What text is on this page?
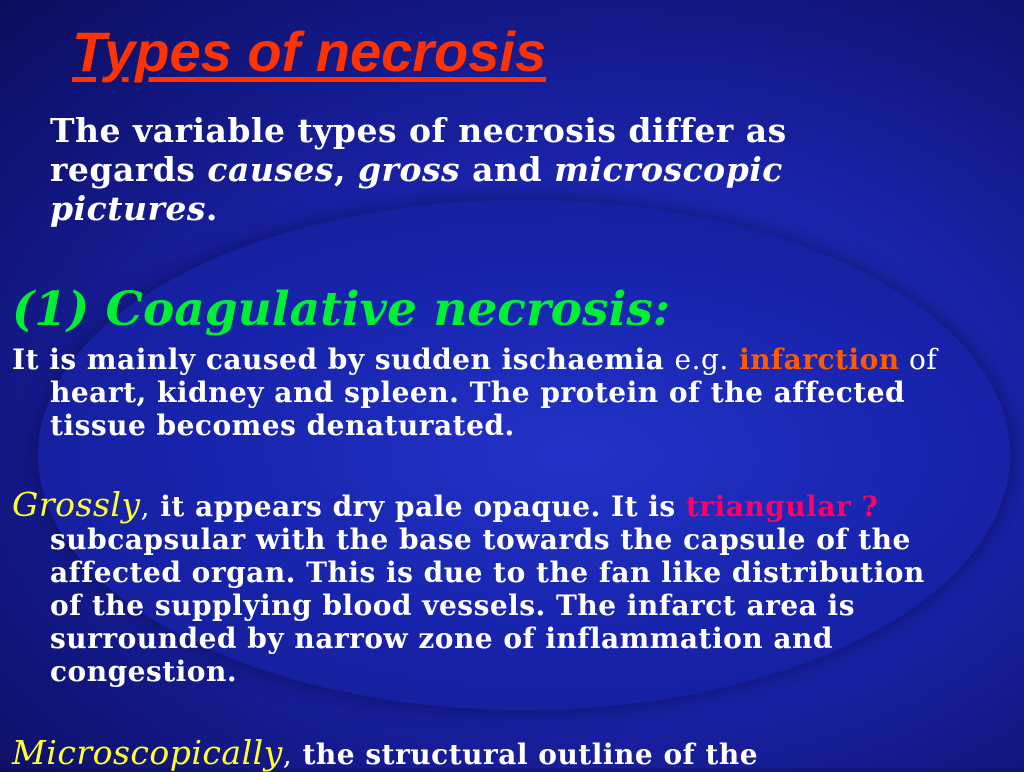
Types of necrosis

The variable types of necrosis differ as regards causes, gross and microscopic pictures.

(1) Coagulative necrosis:

It is mainly caused by sudden ischaemia e.g. infarction of heart, kidney and spleen. The protein of the affected tissue becomes denaturated.

Grossly, it appears dry pale opaque. It is triangular ? subcapsular with the base towards the capsule of the affected organ. This is due to the fan like distribution of the supplying blood vessels. The infarct area is surrounded by narrow zone of inflammation and congestion.

Microscopically, the structural outline of the
